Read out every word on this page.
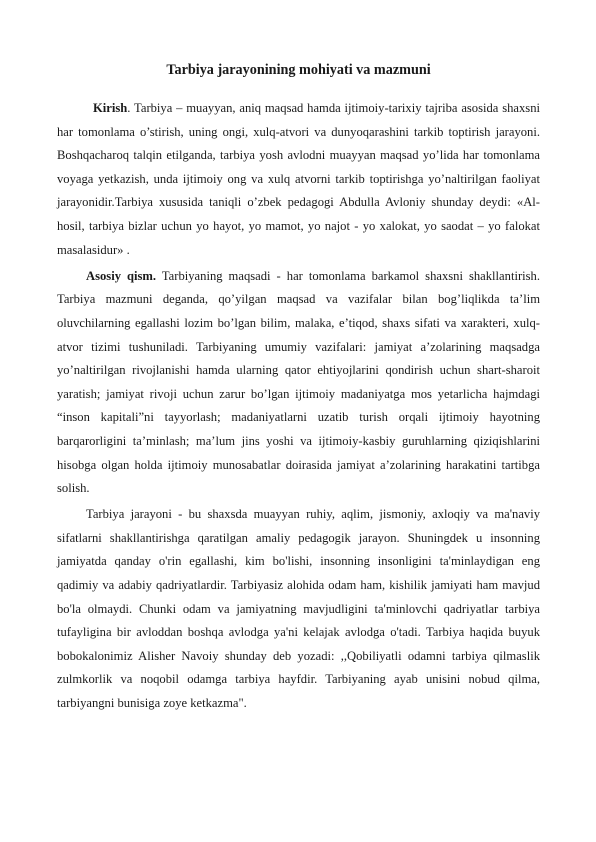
Tarbiya jarayonining mohiyati va mazmuni

Kirish. Tarbiya – muayyan, aniq maqsad hamda ijtimoiy-tarixiy tajriba asosida shaxsni har tomonlama o’stirish, uning ongi, xulq-atvori va dunyoqarashini tarkib toptirish jarayoni. Boshqacharoq talqin etilganda, tarbiya yosh avlodni muayyan maqsad yo’lida har tomonlama voyaga yetkazish, unda ijtimoiy ong va xulq atvorni tarkib toptirishga yo’naltirilgan faoliyat jarayonidir.Tarbiya xususida taniqli o’zbek pedagogi Abdulla Avloniy shunday deydi: «Al-hosil, tarbiya bizlar uchun yo hayot, yo mamot, yo najot - yo xalokat, yo saodat – yo falokat masalasidur» .

Asosiy qism. Tarbiyaning maqsadi - har tomonlama barkamol shaxsni shakllantirish. Tarbiya mazmuni deganda, qo’yilgan maqsad va vazifalar bilan bog’liqlikda ta’lim oluvchilarning egallashi lozim bo’lgan bilim, malaka, e’tiqod, shaxs sifati va xarakteri, xulq-atvor tizimi tushuniladi. Tarbiyaning umumiy vazifalari: jamiyat a’zolarining maqsadga yo’naltirilgan rivojlanishi hamda ularning qator ehtiyojlarini qondirish uchun shart-sharoit yaratish; jamiyat rivoji uchun zarur bo’lgan ijtimoiy madaniyatga mos yetarlicha hajmdagi “inson kapitali”ni tayyorlash; madaniyatlarni uzatib turish orqali ijtimoiy hayotning barqarorligini ta’minlash; ma’lum jins yoshi va ijtimoiy-kasbiy guruhlarning qiziqishlarini hisobga olgan holda ijtimoiy munosabatlar doirasida jamiyat a’zolarining harakatini tartibga solish.

Tarbiya jarayoni - bu shaxsda muayyan ruhiy, aqlim, jismoniy, axloqiy va ma'naviy sifatlarni shakllantirishga qaratilgan amaliy pedagogik jarayon. Shuningdek u insonning jamiyatda qanday o'rin egallashi, kim bo'lishi, insonning insonligini ta'minlaydigan eng qadimiy va adabiy qadriyatlardir. Tarbiyasiz alohida odam ham, kishilik jamiyati ham mavjud bo'la olmaydi. Chunki odam va jamiyatning mavjudligini ta'minlovchi qadriyatlar tarbiya tufayligina bir avloddan boshqa avlodga ya'ni kelajak avlodga o'tadi. Tarbiya haqida buyuk bobokalonimiz Alisher Navoiy shunday deb yozadi: ,,Qobiliyatli odamni tarbiya qilmaslik zulmkorlik va noqobil odamga tarbiya hayfdir. Tarbiyaning ayab unisini nobud qilma, tarbiyangni bunisiga zoye ketkazma".
